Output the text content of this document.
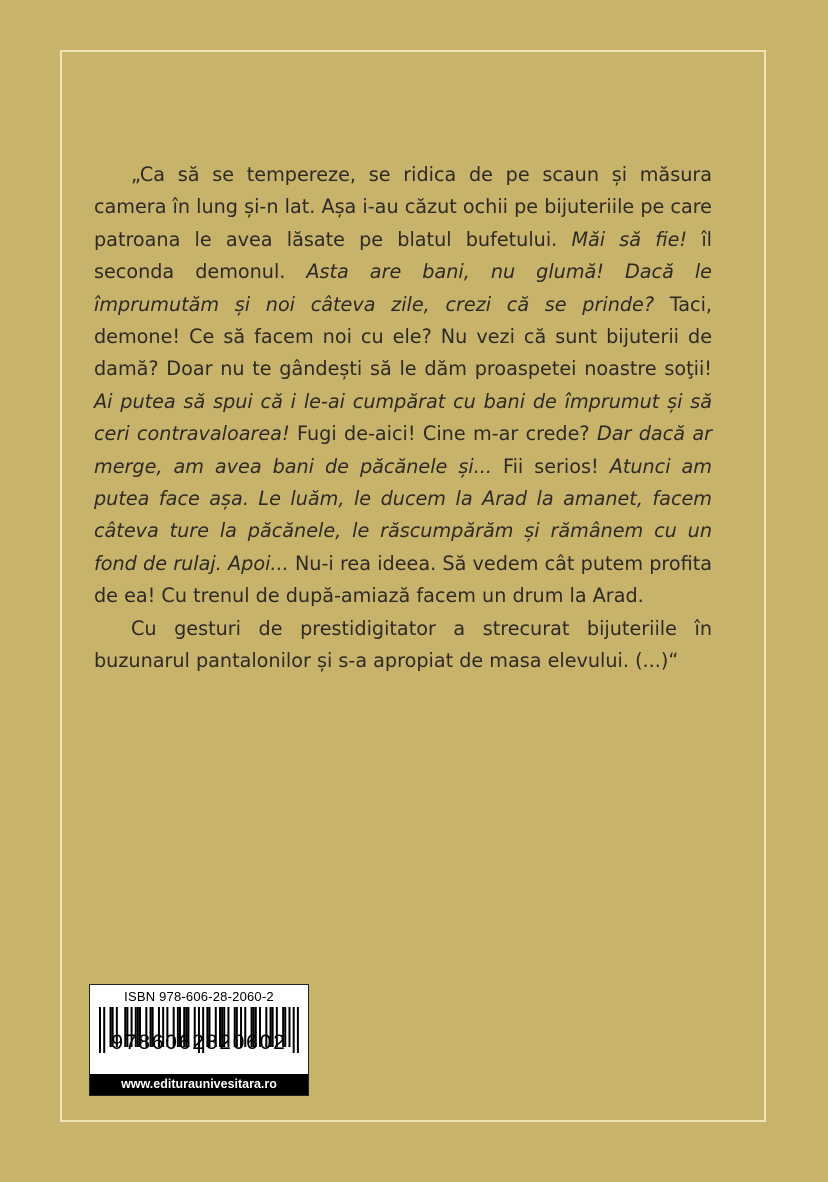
„Ca să se tempereze, se ridica de pe scaun și măsura camera în lung și-n lat. Așa i-au căzut ochii pe bijuteriile pe care patroana le avea lăsate pe blatul bufetului. Măi să fie! îl seconda demonul. Asta are bani, nu glumă! Dacă le împrumutăm și noi câteva zile, crezi că se prinde? Taci, demone! Ce să facem noi cu ele? Nu vezi că sunt bijuterii de damă? Doar nu te gândești să le dăm proaspetei noastre soţii! Ai putea să spui că i le-ai cumpărat cu bani de împrumut și să ceri contravaloarea! Fugi de-aici! Cine m-ar crede? Dar dacă ar merge, am avea bani de păcănele și... Fii serios! Atunci am putea face așa. Le luăm, le ducem la Arad la amanet, facem câteva ture la păcănele, le răscumpărăm și rămânem cu un fond de rulaj. Apoi... Nu-i rea ideea. Să vedem cât putem profita de ea! Cu trenul de după-amiază facem un drum la Arad.

Cu gesturi de prestidigitator a strecurat bijuteriile în buzunarul pantalonilor și s-a apropiat de masa elevului. (...)“

ISBN 978-606-28-2060-2
9786062820602
www.edituraunivesitara.ro
